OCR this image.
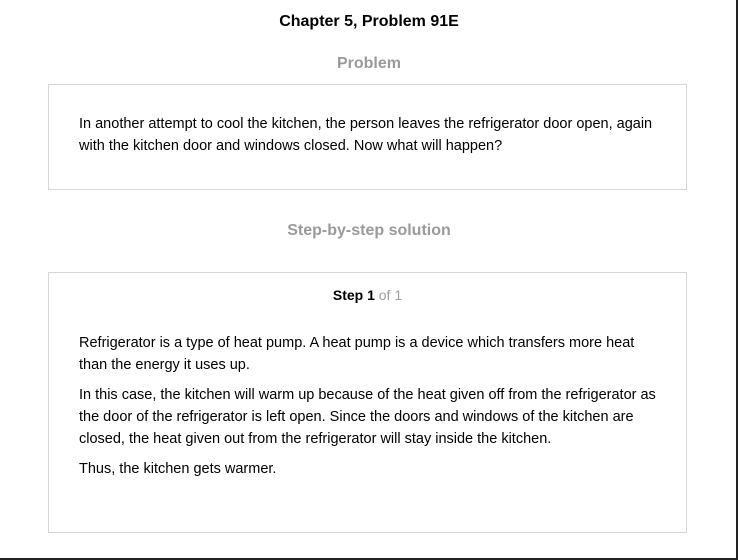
Chapter 5, Problem 91E
Problem

In another attempt to cool the kitchen, the person leaves the refrigerator door open, again with the kitchen door and windows closed. Now what will happen?

Step-by-step solution
Step 1 of 1

Refrigerator is a type of heat pump. A heat pump is a device which transfers more heat than the energy it uses up.

In this case, the kitchen will warm up because of the heat given off from the refrigerator as the door of the refrigerator is left open. Since the doors and windows of the kitchen are closed, the heat given out from the refrigerator will stay inside the kitchen.

Thus, the kitchen gets warmer.
